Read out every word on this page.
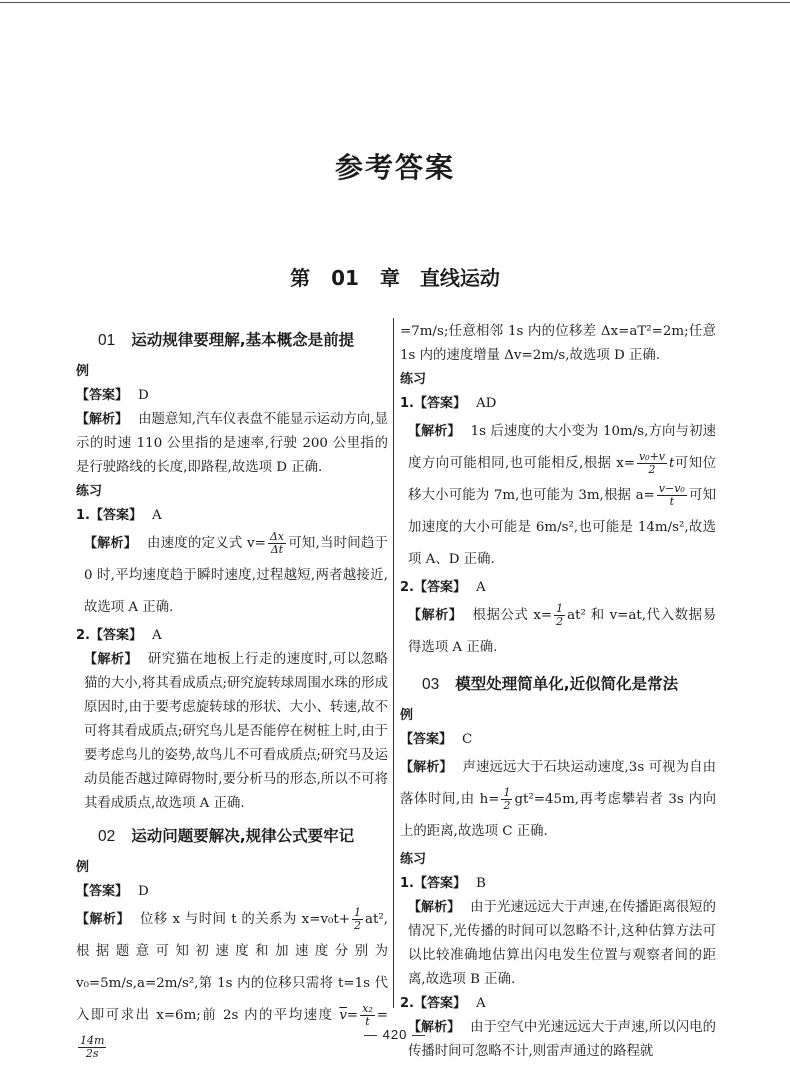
参考答案
第 01 章　直线运动
01 运动规律要理解,基本概念是前提
例

【答案】 D

【解析】 由题意知,汽车仪表盘不能显示运动方向,显示的时速 110 公里指的是速率,行驶 200 公里指的是行驶路线的长度,即路程,故选项 D 正确.

练习

1.【答案】 A

【解析】 由速度的定义式 $v= \frac{\Delta x}{\Delta t}$ 可知,当时间趋于 0 时,平均速度趋于瞬时速度,过程越短,两者越接近,故选项 A 正确.

2.【答案】 A

【解析】 研究猫在地板上行走的速度时,可以忽略猫的大小,将其看成质点;研究旋转球周围水珠的形成原因时,由于要考虑旋转球的形状、大小、转速,故不可将其看成质点;研究鸟儿是否能停在树桩上时,由于要考虑鸟儿的姿势,故鸟儿不可看成质点;研究马及运动员能否越过障碍物时,要分析马的形态,所以不可将其看成质点,故选项 A 正确.

02 运动问题要解决,规律公式要牢记
例

【答案】 D

【解析】 位移 x 与时间 t 的关系为 $x=v_0t+ \frac{1}{2} at^2$,根据题意可知初速度和加速度分别为 v₀=5m/s,a=2m/s²,第 1s 内的位移只需将 t=1s 代入即可求出 x=6m;前 2s 内的平均速度 $\overline{v}= \frac{\text{x₂}}{t}$ =
$\frac{14m}{2s}$

=7m/s;任意相邻 1s 内的位移差 Δx=aT²=2m;任意 1s 内的速度增量 Δv=2m/s,故选项 D 正确.

练习

1.【答案】 AD

【解析】 1s 后速度的大小变为 10m/s,方向与初速度方向可能相同,也可能相反,根据 $x= \frac{\text{v₀+v}}{2}$ t可知位移大小可能为 7m,也可能为 3m,根据 $a= \frac{\text{v−v₀}}{t}$ 可知加速度的大小可能是 6m/s²,也可能是 14m/s²,故选项 A、D 正确.

2.【答案】 A

【解析】 根据公式 $x= \frac{1}{2} at^2$ 和 v=at,代入数据易得选项 A 正确.

03 模型处理简单化,近似简化是常法
例

【答案】 C

【解析】 声速远远大于石块运动速度,3s 可视为自由落体时间,由 $h= \frac{1}{2} gt^2=45m$,再考虑攀岩者 3s 内向上的距离,故选项 C 正确.

练习

1.【答案】 B

【解析】 由于光速远远大于声速,在传播距离很短的情况下,光传播的时间可以忽略不计,这种估算方法可以比较准确地估算出闪电发生位置与观察者间的距离,故选项 B 正确.

2.【答案】 A

【解析】 由于空气中光速远远大于声速,所以闪电的传播时间可忽略不计,则雷声通过的路程就

— 420 —
